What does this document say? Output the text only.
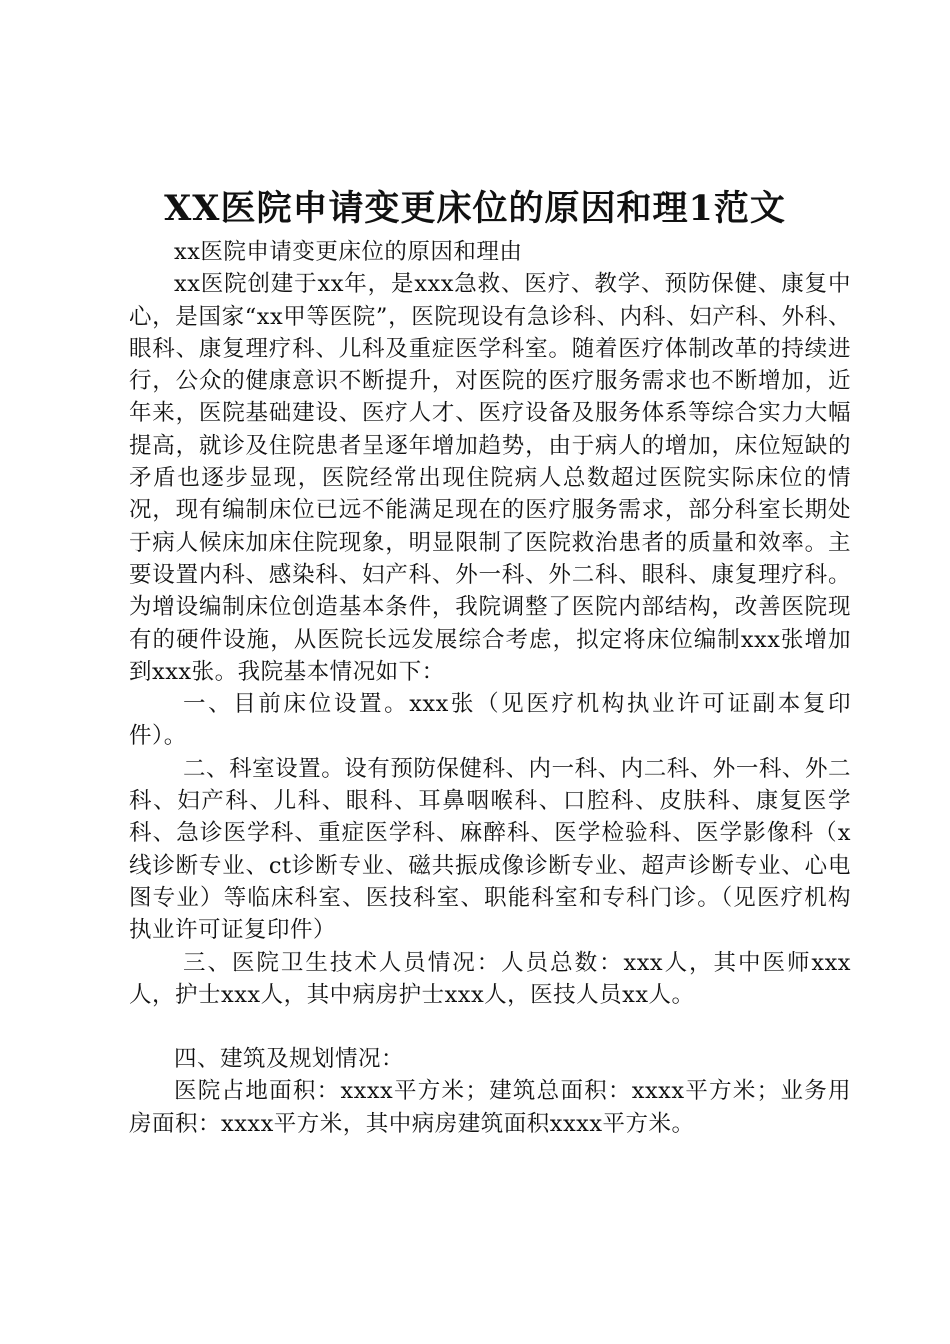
XX医院申请变更床位的原因和理1范文

xx医院申请变更床位的原因和理由

xx医院创建于xx年，是xxx急救、医疗、教学、预防保健、康复中心，是国家“xx甲等医院”，医院现设有急诊科、内科、妇产科、外科、眼科、康复理疗科、儿科及重症医学科室。随着医疗体制改革的持续进行，公众的健康意识不断提升，对医院的医疗服务需求也不断增加，近年来，医院基础建设、医疗人才、医疗设备及服务体系等综合实力大幅提高，就诊及住院患者呈逐年增加趋势，由于病人的增加，床位短缺的矛盾也逐步显现，医院经常出现住院病人总数超过医院实际床位的情况，现有编制床位已远不能满足现在的医疗服务需求，部分科室长期处于病人候床加床住院现象，明显限制了医院救治患者的质量和效率。主要设置内科、感染科、妇产科、外一科、外二科、眼科、康复理疗科。为增设编制床位创造基本条件，我院调整了医院内部结构，改善医院现有的硬件设施，从医院长远发展综合考虑，拟定将床位编制xxx张增加到xxx张。我院基本情况如下：

一、目前床位设置。xxx张（见医疗机构执业许可证副本复印件）。

二、科室设置。设有预防保健科、内一科、内二科、外一科、外二科、妇产科、儿科、眼科、耳鼻咽喉科、口腔科、皮肤科、康复医学科、急诊医学科、重症医学科、麻醉科、医学检验科、医学影像科（x线诊断专业、ct诊断专业、磁共振成像诊断专业、超声诊断专业、心电图专业）等临床科室、医技科室、职能科室和专科门诊。（见医疗机构执业许可证复印件）

三、医院卫生技术人员情况：人员总数：xxx人，其中医师xxx人，护士xxx人，其中病房护士xxx人，医技人员xx人。

四、建筑及规划情况：

医院占地面积：xxxx平方米；建筑总面积：xxxx平方米；业务用房面积：xxxx平方米，其中病房建筑面积xxxx平方米。
